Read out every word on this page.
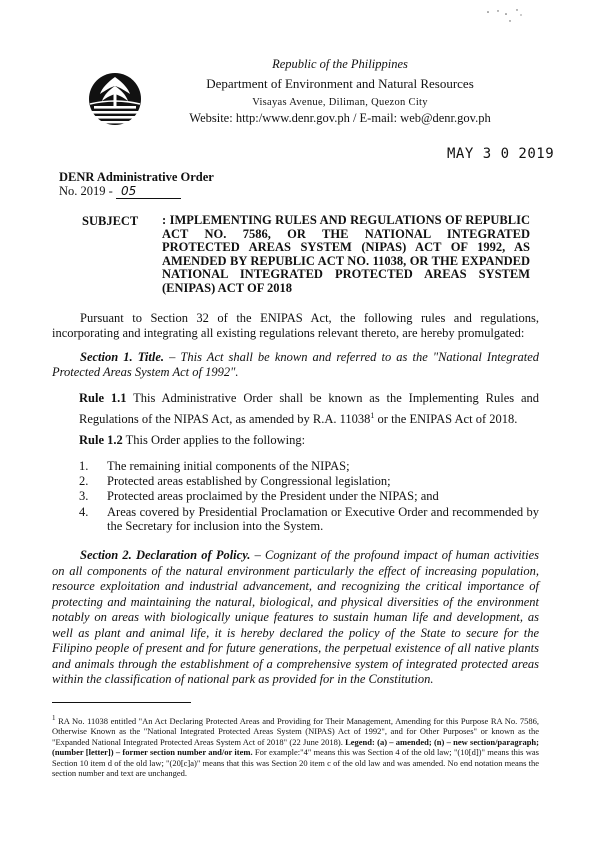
Republic of the Philippines
Department of Environment and Natural Resources
Visayas Avenue, Diliman, Quezon City
Website: http:/www.denr.gov.ph / E-mail: web@denr.gov.ph
MAY 3 0 2019
DENR Administrative Order
No. 2019 - 05
SUBJECT : IMPLEMENTING RULES AND REGULATIONS OF REPUBLIC ACT NO. 7586, OR THE NATIONAL INTEGRATED PROTECTED AREAS SYSTEM (NIPAS) ACT OF 1992, AS AMENDED BY REPUBLIC ACT NO. 11038, OR THE EXPANDED NATIONAL INTEGRATED PROTECTED AREAS SYSTEM (ENIPAS) ACT OF 2018
Pursuant to Section 32 of the ENIPAS Act, the following rules and regulations, incorporating and integrating all existing regulations relevant thereto, are hereby promulgated:
Section 1. Title. – This Act shall be known and referred to as the "National Integrated Protected Areas System Act of 1992".
Rule 1.1 This Administrative Order shall be known as the Implementing Rules and Regulations of the NIPAS Act, as amended by R.A. 11038$^1$ or the ENIPAS Act of 2018.
Rule 1.2 This Order applies to the following:
1. The remaining initial components of the NIPAS;
2. Protected areas established by Congressional legislation;
3. Protected areas proclaimed by the President under the NIPAS; and
4. Areas covered by Presidential Proclamation or Executive Order and recommended by the Secretary for inclusion into the System.
Section 2. Declaration of Policy. – Cognizant of the profound impact of human activities on all components of the natural environment particularly the effect of increasing population, resource exploitation and industrial advancement, and recognizing the critical importance of protecting and maintaining the natural, biological, and physical diversities of the environment notably on areas with biologically unique features to sustain human life and development, as well as plant and animal life, it is hereby declared the policy of the State to secure for the Filipino people of present and for future generations, the perpetual existence of all native plants and animals through the establishment of a comprehensive system of integrated protected areas within the classification of national park as provided for in the Constitution.
$^1$ RA No. 11038 entitled "An Act Declaring Protected Areas and Providing for Their Management, Amending for this Purpose RA No. 7586, Otherwise Known as the "National Integrated Protected Areas System (NIPAS) Act of 1992", and for Other Purposes" or known as the "Expanded National Integrated Protected Areas System Act of 2018" (22 June 2018). Legend: (a) – amended; (n) – new section/paragraph; (number [letter]) – former section number and/or item. For example:"4" means this was Section 4 of the old law; "(10[d])" means this was Section 10 item d of the old law; "(20[c]a)" means that this was Section 20 item c of the old law and was amended. No end notation means the section number and text are unchanged.
